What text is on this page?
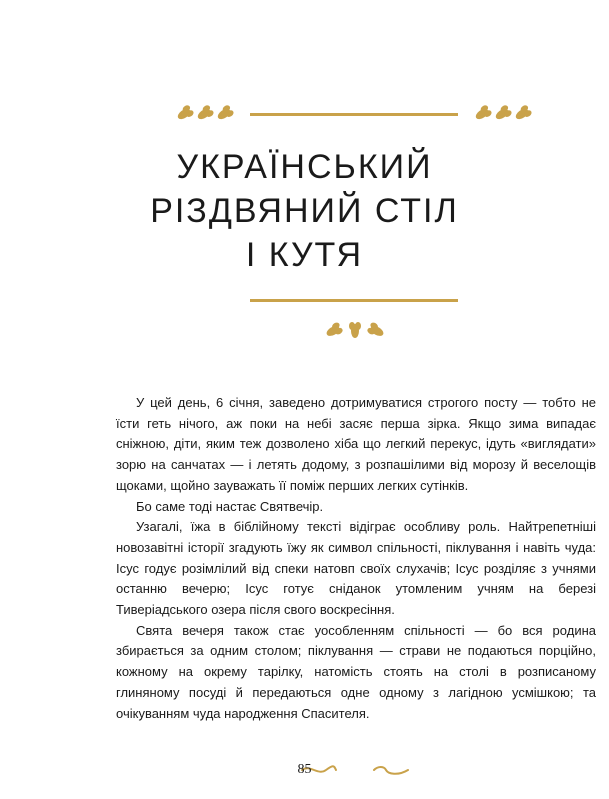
УКРАЇНСЬКИЙ
РІЗДВЯНИЙ СТІЛ
І КУТЯ

У цей день, 6 січня, заведено дотримуватися строгого посту — тобто не їсти геть нічого, аж поки на небі засяє перша зірка. Якщо зима випадає сніжною, діти, яким теж дозволено хіба що легкий перекус, ідуть «виглядати» зорю на санчатах — і летять додому, з розпашілими від морозу й веселощів щоками, щойно зауважать її поміж перших легких сутінків.

Бо саме тоді настає Святвечір.

Узагалі, їжа в біблійному тексті відіграє особливу роль. Найтрепетніші новозавітні історії згадують їжу як символ спільності, піклування і навіть чуда: Ісус годує розімлілий від спеки натовп своїх слухачів; Ісус розділяє з учнями останню вечерю; Ісус готує сніданок утомленим учням на березі Тиверіадського озера після свого воскресіння.

Свята вечеря також стає уособленням спільності — бо вся родина збирається за одним столом; піклування — страви не подаються порційно, кожному на окрему тарілку, натомість стоять на столі в розписаному глиняному посуді й передаються одне одному з лагідною усмішкою; та очікуванням чуда народження Спасителя.

85
